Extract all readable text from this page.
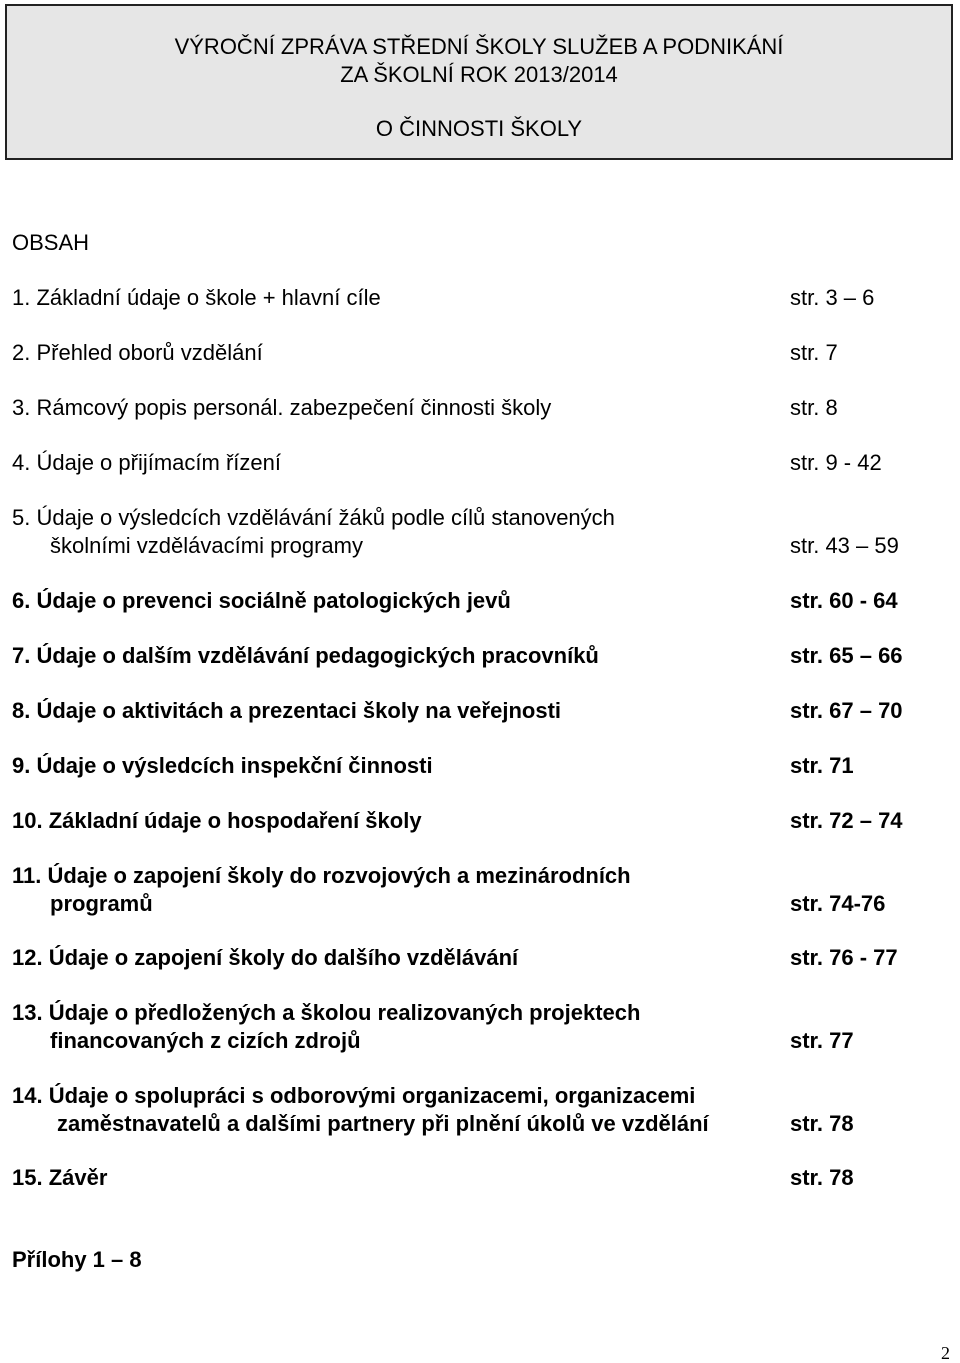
VÝROČNÍ ZPRÁVA STŘEDNÍ ŠKOLY SLUŽEB A PODNIKÁNÍ
ZA ŠKOLNÍ ROK 2013/2014
O ČINNOSTI ŠKOLY
OBSAH
1. Základní údaje o škole + hlavní cíle	str. 3 – 6
2. Přehled oborů vzdělání	str. 7
3. Rámcový popis personál. zabezpečení činnosti školy	str. 8
4. Údaje o přijímacím řízení	str. 9 - 42
5. Údaje o výsledcích vzdělávání žáků podle cílů stanovených
školními vzdělávacími programy	str. 43 – 59
6. Údaje o prevenci sociálně patologických jevů	str. 60 - 64
7. Údaje o dalším vzdělávání pedagogických pracovníků	str. 65 – 66
8. Údaje o aktivitách a prezentaci školy na veřejnosti	str. 67 – 70
9. Údaje o výsledcích inspekční činnosti	str. 71
10. Základní údaje o hospodaření školy	str. 72 – 74
11. Údaje o zapojení školy do rozvojových a mezinárodních
programů	str. 74-76
12. Údaje o zapojení školy do dalšího vzdělávání	str. 76 - 77
13. Údaje o předložených a školou realizovaných projektech
financovaných z cizích zdrojů	str. 77
14. Údaje o spolupráci s odborovými organizacemi, organizacemi
zaměstnavatelů a dalšími partnery při plnění úkolů ve vzdělání	str. 78
15. Závěr	str. 78
Přílohy 1 – 8
2
